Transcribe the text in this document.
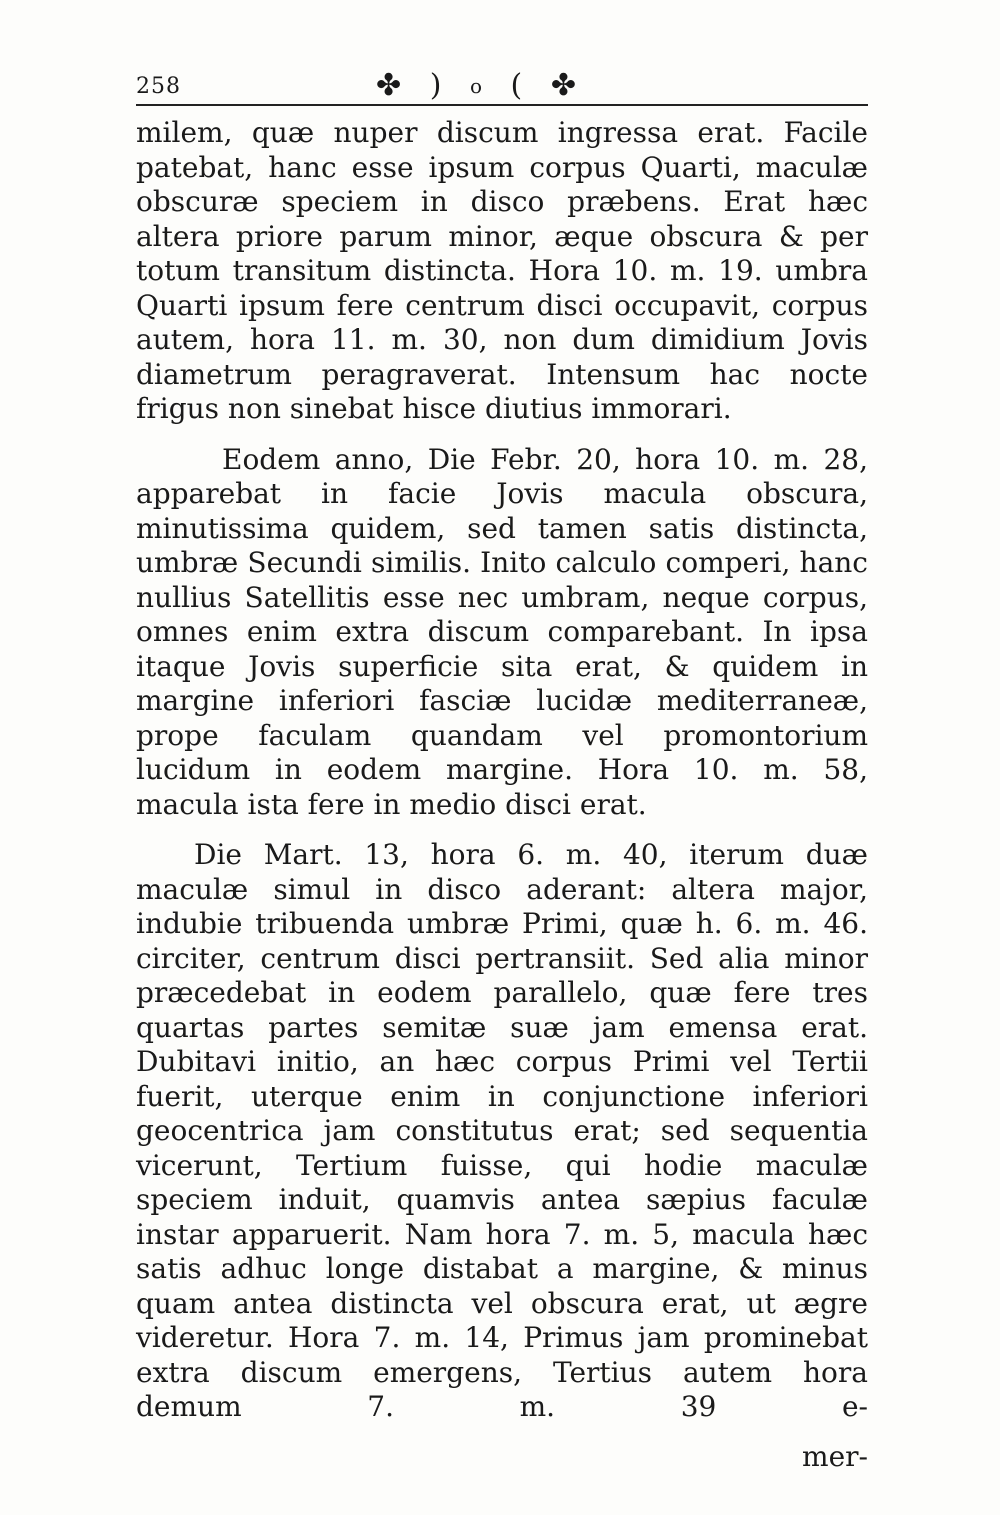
258	✤ ) o ( ✤

milem, quæ nuper discum ingressa erat. Facile patebat, hanc esse ipsum corpus Quarti, maculæ obscuræ speciem in disco præbens. Erat hæc altera priore parum minor, æque obscura & per totum transitum distincta. Hora 10. m. 19. umbra Quarti ipsum fere centrum disci occupavit, corpus autem, hora 11. m. 30, non dum dimidium Jovis diametrum peragraverat. Intensum hac nocte frigus non sinebat hisce diutius immorari.

Eodem anno, Die Febr. 20, hora 10. m. 28, apparebat in facie Jovis macula obscura, minutissima quidem, sed tamen satis distincta, umbræ Secundi similis. Inito calculo comperi, hanc nullius Satellitis esse nec umbram, neque corpus, omnes enim extra discum comparebant. In ipsa itaque Jovis superficie sita erat, & quidem in margine inferiori fasciæ lucidæ mediterraneæ, prope faculam quandam vel promontorium lucidum in eodem margine. Hora 10. m. 58, macula ista fere in medio disci erat.

Die Mart. 13, hora 6. m. 40, iterum duæ maculæ simul in disco aderant: altera major, indubie tribuenda umbræ Primi, quæ h. 6. m. 46. circiter, centrum disci pertransiit. Sed alia minor præcedebat in eodem parallelo, quæ fere tres quartas partes semitæ suæ jam emensa erat. Dubitavi initio, an hæc corpus Primi vel Tertii fuerit, uterque enim in conjunctione inferiori geocentrica jam constitutus erat; sed sequentia vicerunt, Tertium fuisse, qui hodie maculæ speciem induit, quamvis antea sæpius faculæ instar apparuerit. Nam hora 7. m. 5, macula hæc satis adhuc longe distabat a margine, & minus quam antea distincta vel obscura erat, ut ægre videretur. Hora 7. m. 14, Primus jam prominebat extra discum emergens, Tertius autem hora demum 7. m. 39 e-

mer-
